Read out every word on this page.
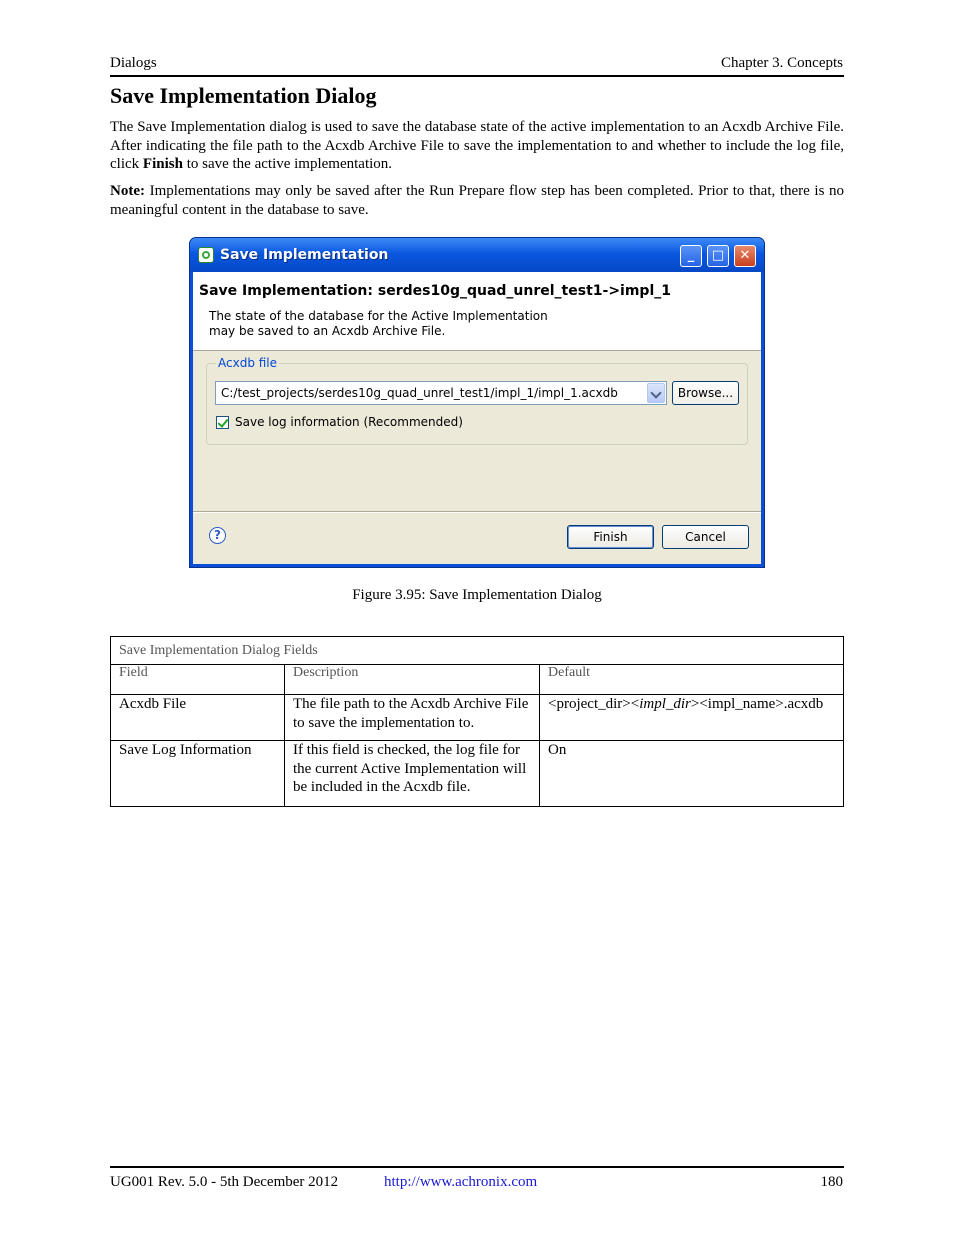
Dialogs	Chapter 3. Concepts
Save Implementation Dialog

The Save Implementation dialog is used to save the database state of the active implementation to an Acxdb Archive File. After indicating the file path to the Acxdb Archive File to save the implementation to and whether to include the log file, click Finish to save the active implementation.

Note: Implementations may only be saved after the Run Prepare flow step has been completed. Prior to that, there is no meaningful content in the database to save.

Save Implementation	_	□	✕
Save Implementation: serdes10g_quad_unrel_test1->impl_1
The state of the database for the Active Implementation may be saved to an Acxdb Archive File.
Acxdb file
C:/test_projects/serdes10g_quad_unrel_test1/impl_1/impl_1.acxdb	Browse...
Save log information (Recommended)
?	Finish	Cancel
Figure 3.95: Save Implementation Dialog
Save Implementation Dialog Fields		
Field	Description	Default
Acxdb File	The file path to the Acxdb Archive File to save the implementation to.	<project_dir><impl_dir><impl_name>.acxdb
Save Log Information	If this field is checked, the log file for the current Active Implementation will be included in the Acxdb file.	On
UG001 Rev. 5.0 - 5th December 2012	http://www.achronix.com	180
